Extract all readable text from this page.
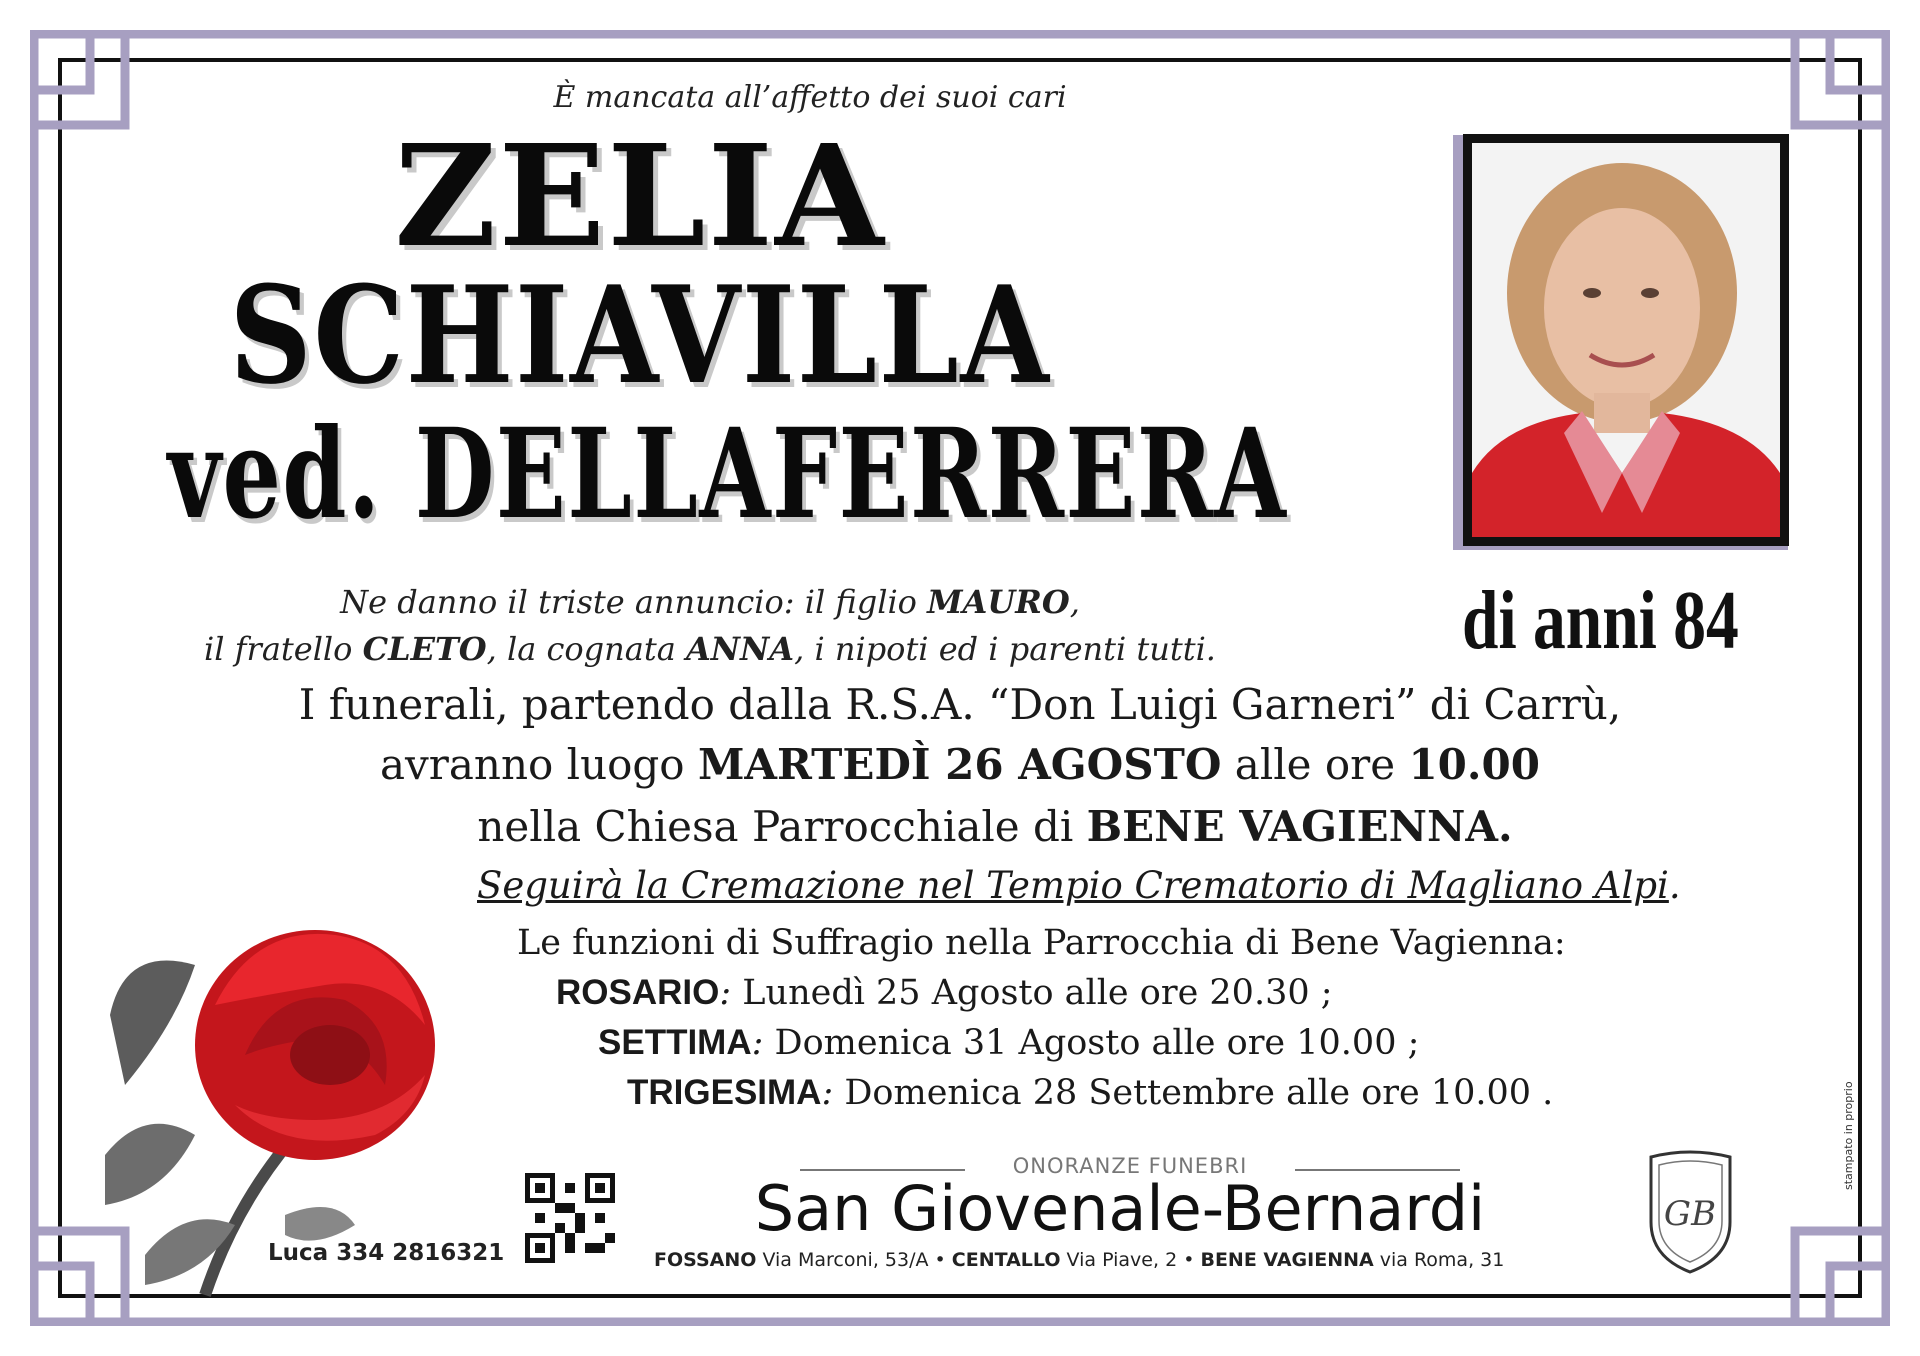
È mancata all’affetto dei suoi cari
ZELIA
SCHIAVILLA
ved. DELLAFERRERA
di anni 84
Ne danno il triste annuncio: il figlio MAURO,
il fratello CLETO, la cognata ANNA, i nipoti ed i parenti tutti.
I funerali, partendo dalla R.S.A. “Don Luigi Garneri” di Carrù,
avranno luogo MARTEDÌ 26 AGOSTO alle ore 10.00
nella Chiesa Parrocchiale di BENE VAGIENNA.
Seguirà la Cremazione nel Tempio Crematorio di Magliano Alpi.
Le funzioni di Suffragio nella Parrocchia di Bene Vagienna:
ROSARIO: Lunedì 25 Agosto alle ore 20.30 ;
SETTIMA: Domenica 31 Agosto alle ore 10.00 ;
TRIGESIMA: Domenica 28 Settembre alle ore 10.00 .
Luca 334 2816321
ONORANZE FUNEBRI
San Giovenale-Bernardi
FOSSANO Via Marconi, 53/A • CENTALLO Via Piave, 2 • BENE VAGIENNA via Roma, 31
GB
stampato in proprio
